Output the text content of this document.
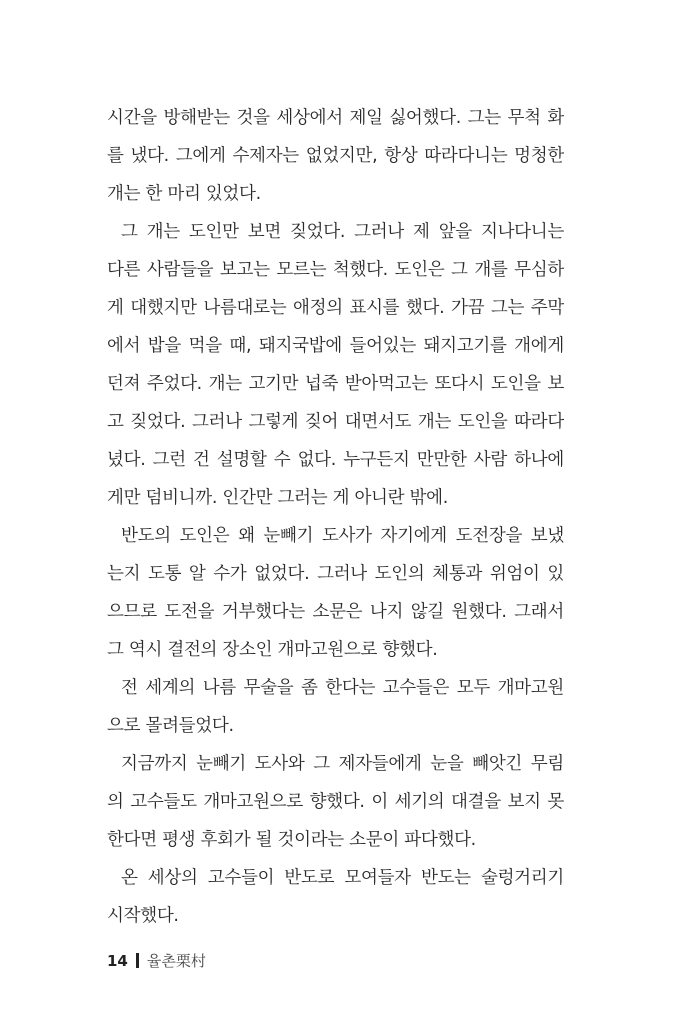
시간을 방해받는 것을 세상에서 제일 싫어했다. 그는 무척 화
를 냈다. 그에게 수제자는 없었지만, 항상 따라다니는 멍청한
개는 한 마리 있었다.
그 개는 도인만 보면 짖었다. 그러나 제 앞을 지나다니는
다른 사람들을 보고는 모르는 척했다. 도인은 그 개를 무심하
게 대했지만 나름대로는 애정의 표시를 했다. 가끔 그는 주막
에서 밥을 먹을 때, 돼지국밥에 들어있는 돼지고기를 개에게
던져 주었다. 개는 고기만 넙죽 받아먹고는 또다시 도인을 보
고 짖었다. 그러나 그렇게 짖어 대면서도 개는 도인을 따라다
녔다. 그런 건 설명할 수 없다. 누구든지 만만한 사람 하나에
게만 덤비니까. 인간만 그러는 게 아니란 밖에.
반도의 도인은 왜 눈빼기 도사가 자기에게 도전장을 보냈
는지 도통 알 수가 없었다. 그러나 도인의 체통과 위엄이 있
으므로 도전을 거부했다는 소문은 나지 않길 원했다. 그래서
그 역시 결전의 장소인 개마고원으로 향했다.
전 세계의 나름 무술을 좀 한다는 고수들은 모두 개마고원
으로 몰려들었다.
지금까지 눈빼기 도사와 그 제자들에게 눈을 빼앗긴 무림
의 고수들도 개마고원으로 향했다. 이 세기의 대결을 보지 못
한다면 평생 후회가 될 것이라는 소문이 파다했다.
온 세상의 고수들이 반도로 모여들자 반도는 술렁거리기
시작했다.
14 율촌栗村
